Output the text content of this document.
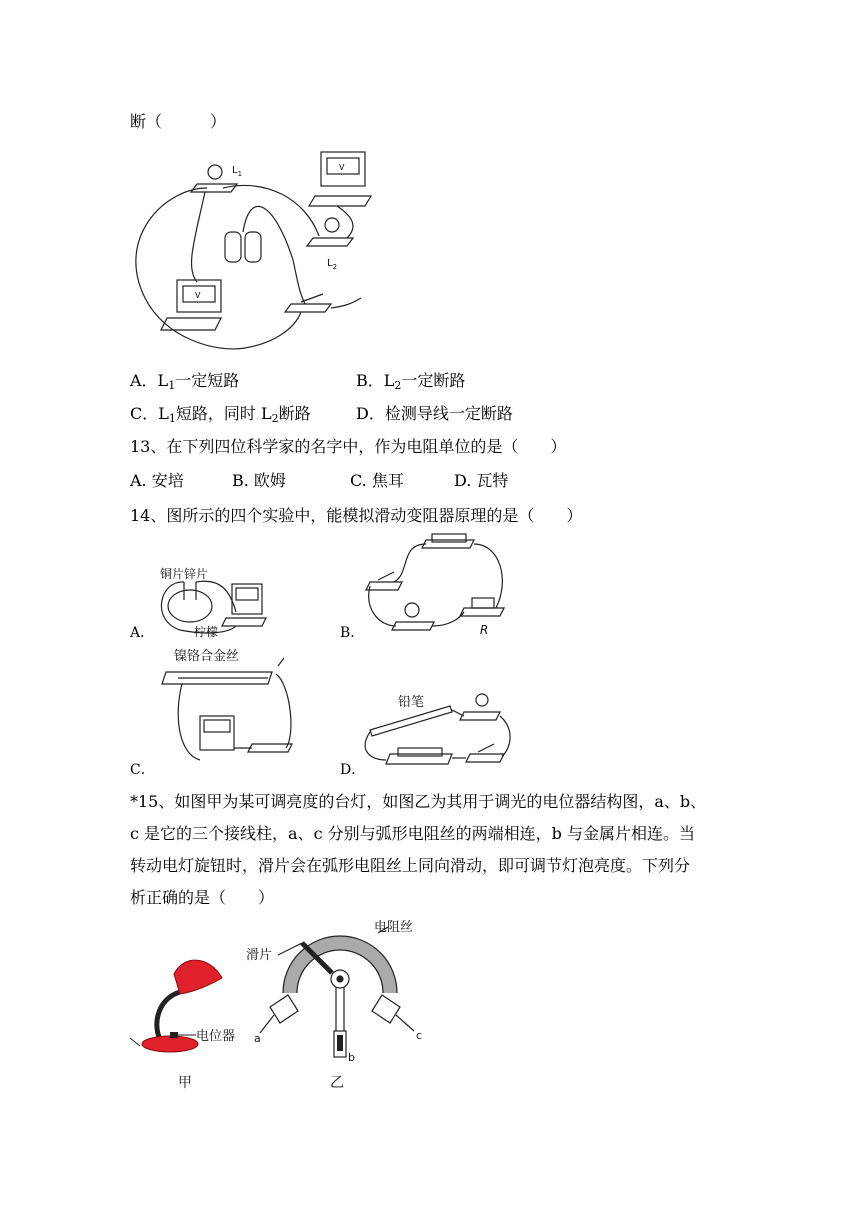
断（　　　）
$L_1$
$L_2$
V
V
A．$L_1$一定短路	B．$L_2$一定断路
C．$L_1$短路，同时 $L_2$断路	D．检测导线一定断路
13、在下列四位科学家的名字中，作为电阻单位的是（　　）
A. 安培	B. 欧姆	C. 焦耳	D. 瓦特
14、图所示的四个实验中，能模拟滑动变阻器原理的是（　　）
A．
铜片锌片
柠檬	B．	R
C．
镍铬合金丝
D．
铅笔
*15、如图甲为某可调亮度的台灯，如图乙为其用于调光的电位器结构图，a、b、
c 是它的三个接线柱，a、c 分别与弧形电阻丝的两端相连，b 与金属片相连。当
转动电灯旋钮时，滑片会在弧形电阻丝上同向滑动，即可调节灯泡亮度。下列分
析正确的是（　　）
电位器
甲
滑片
电阻丝
a
b
c
乙
